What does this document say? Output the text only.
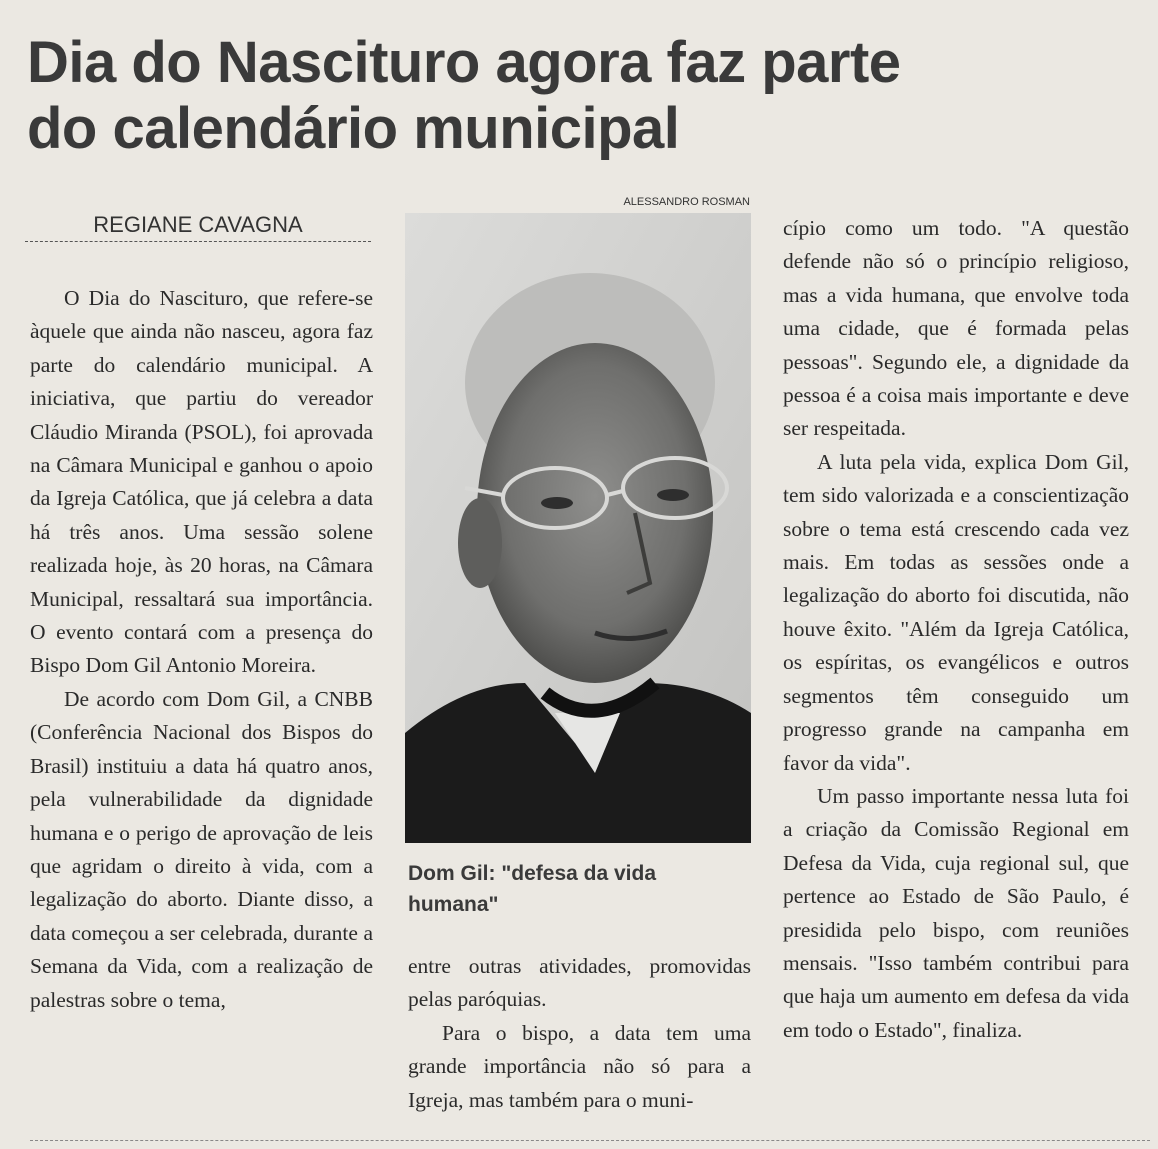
Dia do Nascituro agora faz parte do calendário municipal
REGIANE CAVAGNA
ALESSANDRO ROSMAN
Dom Gil: "defesa da vida humana"

O Dia do Nascituro, que refere-se àquele que ainda não nasceu, agora faz parte do calendário municipal. A iniciativa, que partiu do vereador Cláudio Miranda (PSOL), foi aprovada na Câmara Municipal e ganhou o apoio da Igreja Católica, que já celebra a data há três anos. Uma sessão solene realizada hoje, às 20 horas, na Câmara Municipal, ressaltará sua importância. O evento contará com a presença do Bispo Dom Gil Antonio Moreira.

De acordo com Dom Gil, a CNBB (Conferência Nacional dos Bispos do Brasil) instituiu a data há quatro anos, pela vulnerabilidade da dignidade humana e o perigo de aprovação de leis que agridam o direito à vida, com a legalização do aborto. Diante disso, a data começou a ser celebrada, durante a Semana da Vida, com a realização de palestras sobre o tema,

entre outras atividades, promovidas pelas paróquias.

Para o bispo, a data tem uma grande importância não só para a Igreja, mas também para o muni-

cípio como um todo. "A questão defende não só o princípio religioso, mas a vida humana, que envolve toda uma cidade, que é formada pelas pessoas". Segundo ele, a dignidade da pessoa é a coisa mais importante e deve ser respeitada.

A luta pela vida, explica Dom Gil, tem sido valorizada e a conscientização sobre o tema está crescendo cada vez mais. Em todas as sessões onde a legalização do aborto foi discutida, não houve êxito. "Além da Igreja Católica, os espíritas, os evangélicos e outros segmentos têm conseguido um progresso grande na campanha em favor da vida".

Um passo importante nessa luta foi a criação da Comissão Regional em Defesa da Vida, cuja regional sul, que pertence ao Estado de São Paulo, é presidida pelo bispo, com reuniões mensais. "Isso também contribui para que haja um aumento em defesa da vida em todo o Estado", finaliza.
